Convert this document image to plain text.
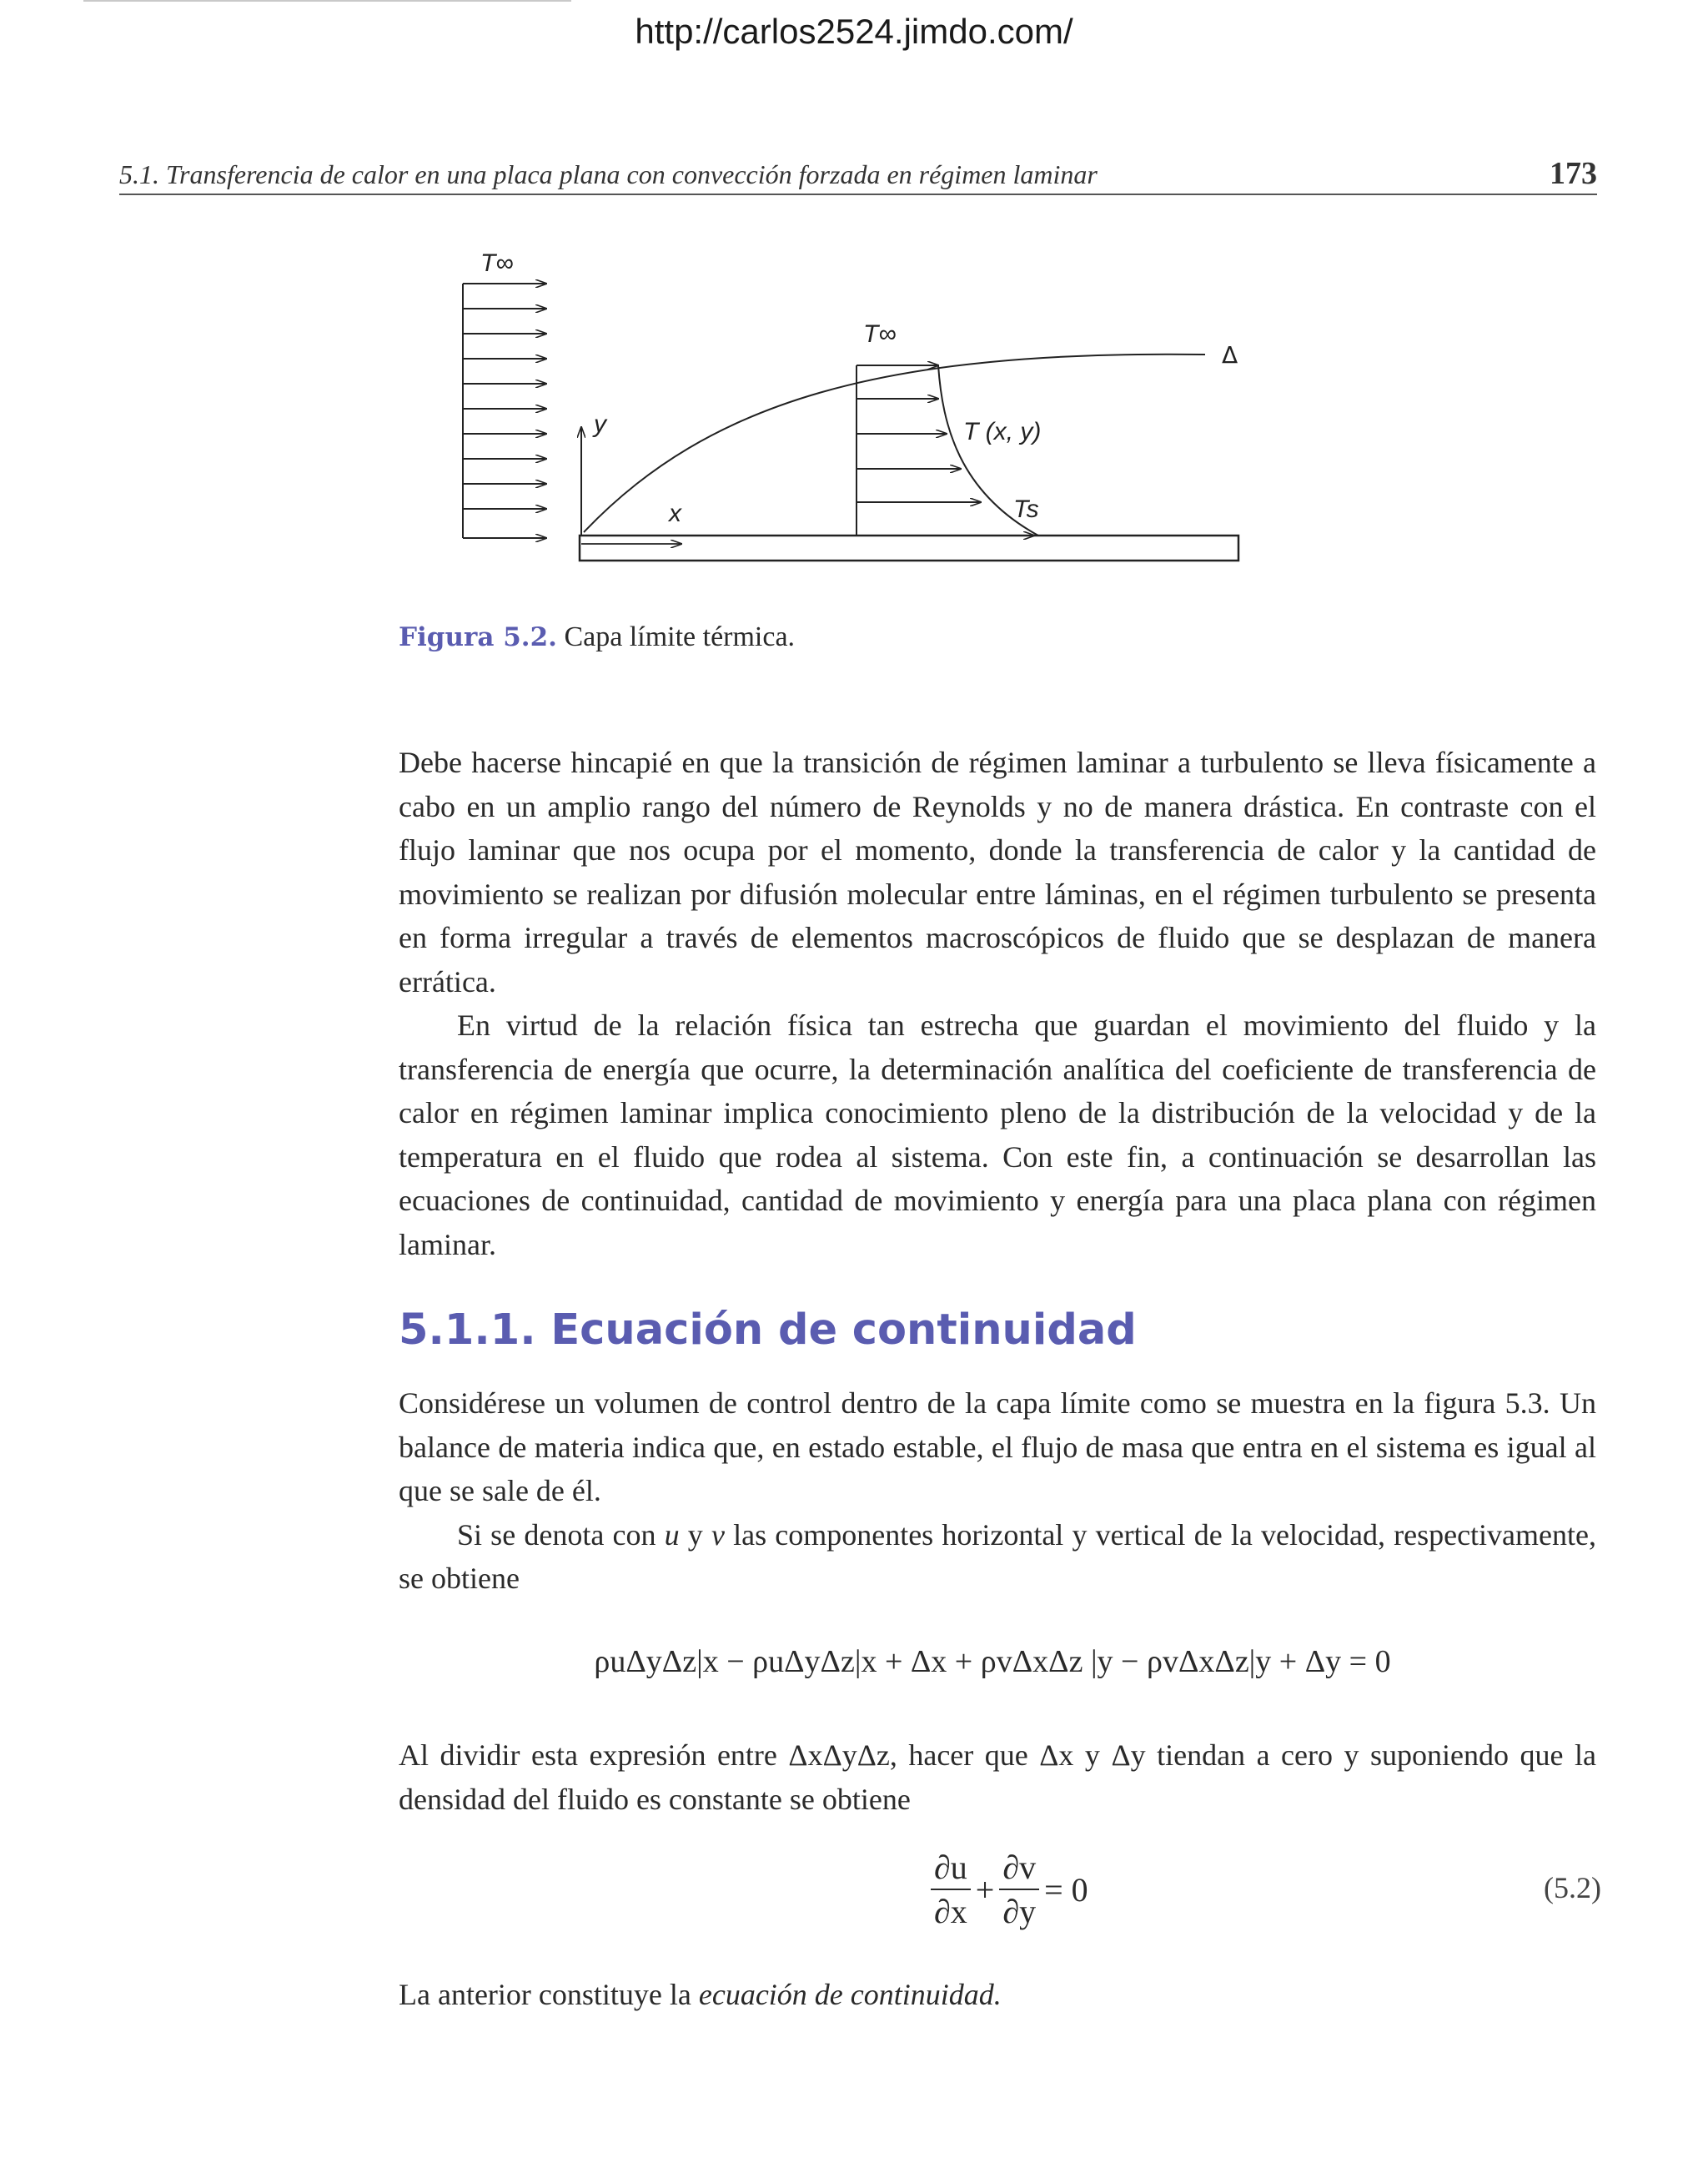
http://carlos2524.jimdo.com/
5.1. Transferencia de calor en una placa plana con convección forzada en régimen laminar	173
T∞
y
x
Δ
T∞
T (x, y)
Ts
Figura 5.2. Capa límite térmica.

Debe hacerse hincapié en que la transición de régimen laminar a turbulento se lleva físicamente a cabo en un amplio rango del número de Reynolds y no de manera drástica. En contraste con el flujo laminar que nos ocupa por el momento, donde la transferencia de calor y la cantidad de movimiento se realizan por difusión molecular entre láminas, en el régimen turbulento se presenta en forma irregular a través de elementos macroscópicos de fluido que se desplazan de manera errática.

En virtud de la relación física tan estrecha que guardan el movimiento del fluido y la transferencia de energía que ocurre, la determinación analítica del coeficiente de transferencia de calor en régimen laminar implica conocimiento pleno de la distribución de la velocidad y de la temperatura en el fluido que rodea al sistema. Con este fin, a continuación se desarrollan las ecuaciones de continuidad, cantidad de movimiento y energía para una placa plana con régimen laminar.

5.1.1. Ecuación de continuidad

Considérese un volumen de control dentro de la capa límite como se muestra en la figura 5.3. Un balance de materia indica que, en estado estable, el flujo de masa que entra en el sistema es igual al que se sale de él.

Si se denota con u y v las componentes horizontal y vertical de la velocidad, respectivamente, se obtiene

ρuΔyΔz|x − ρuΔyΔz|x + Δx + ρvΔxΔz |y − ρvΔxΔz|y + Δy = 0

Al dividir esta expresión entre ΔxΔyΔz, hacer que Δx y Δy tiendan a cero y suponiendo que la densidad del fluido es constante se obtiene

$\frac{\partial u}{\partial x} + \frac{\partial v}{\partial y} = 0$	(5.2)
La anterior constituye la ecuación de continuidad.
